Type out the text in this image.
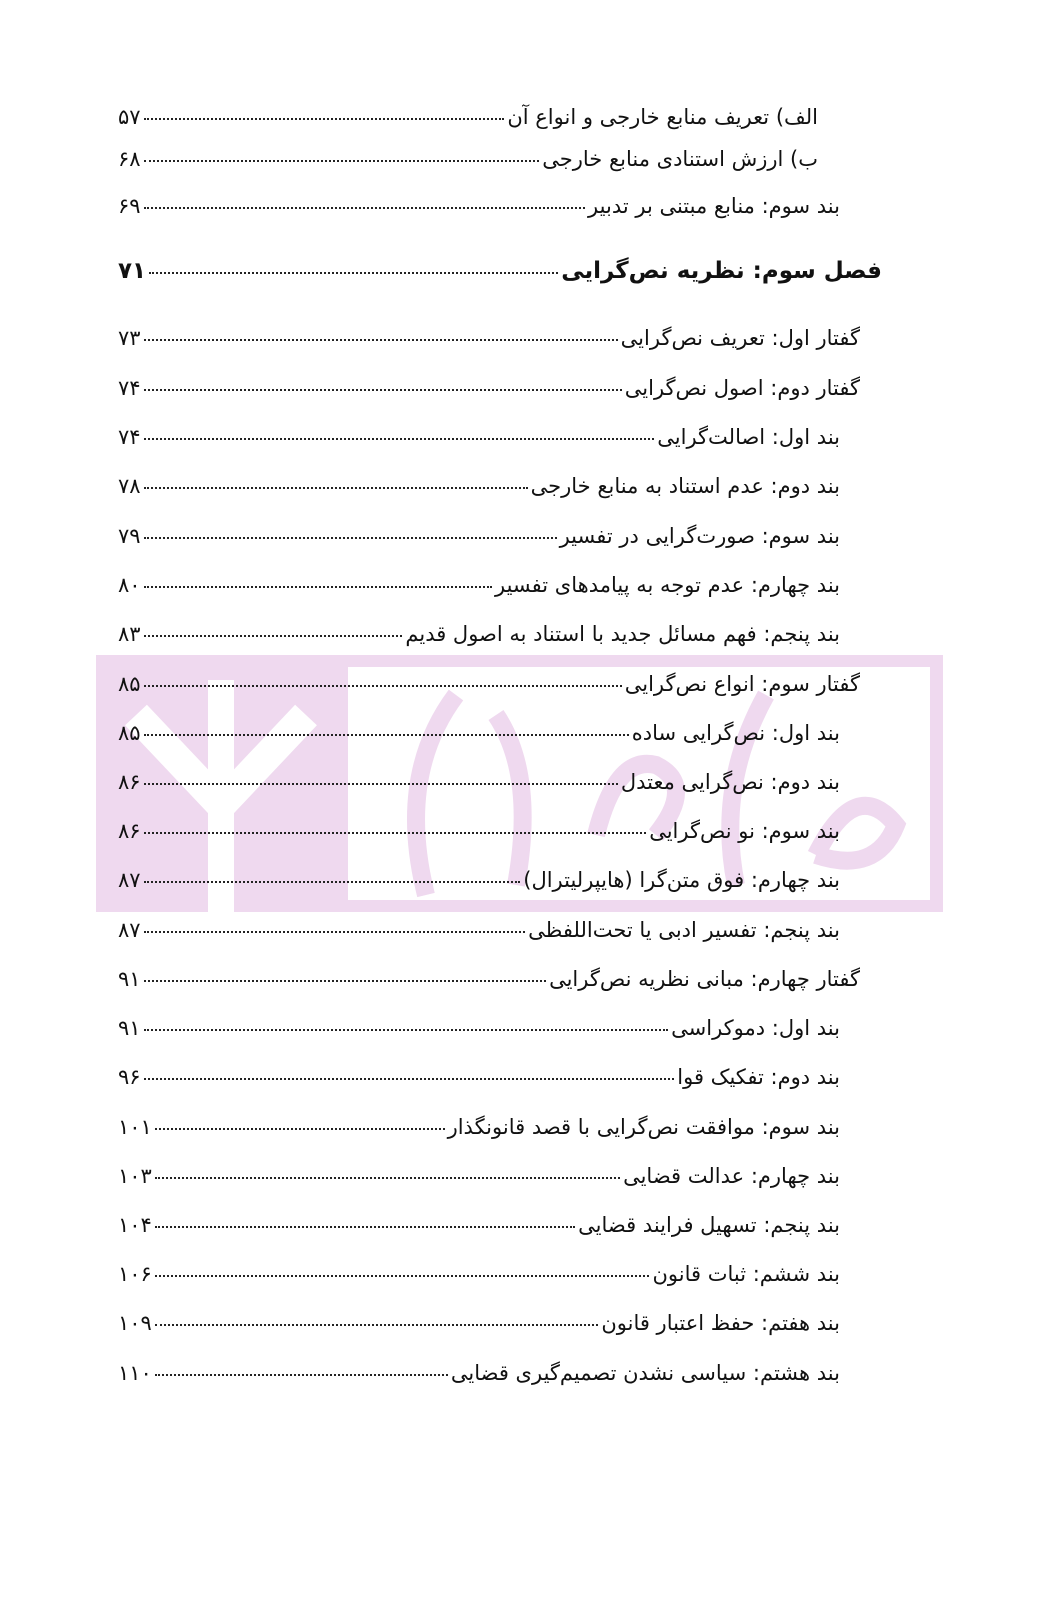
الف) تعریف منابع خارجی و انواع آن
۵۷
ب) ارزش استنادی منابع خارجی
۶۸
بند سوم: منابع مبتنی بر تدبیر
۶۹
فصل سوم: نظریه نص‌گرایی
۷۱
گفتار اول: تعریف نص‌گرایی
۷۳
گفتار دوم: اصول نص‌گرایی
۷۴
بند اول: اصالت‌گرایی
۷۴
بند دوم: عدم استناد به منابع خارجی
۷۸
بند سوم: صورت‌گرایی در تفسیر
۷۹
بند چهارم: عدم توجه به پیامدهای تفسیر
۸۰
بند پنجم: فهم مسائل جدید با استناد به اصول قدیم
۸۳
گفتار سوم: انواع نص‌گرایی
۸۵
بند اول: نص‌گرایی ساده
۸۵
بند دوم: نص‌گرایی معتدل
۸۶
بند سوم: نو نص‌گرایی
۸۶
بند چهارم: فوق متن‌گرا (هایپرلیترال)
۸۷
بند پنجم: تفسیر ادبی یا تحت‌اللفظی
۸۷
گفتار چهارم: مبانی نظریه نص‌گرایی
۹۱
بند اول: دموکراسی
۹۱
بند دوم: تفکیک قوا
۹۶
بند سوم: موافقت نص‌گرایی با قصد قانونگذار
۱۰۱
بند چهارم: عدالت قضایی
۱۰۳
بند پنجم: تسهیل فرایند قضایی
۱۰۴
بند ششم: ثبات قانون
۱۰۶
بند هفتم: حفظ اعتبار قانون
۱۰۹
بند هشتم: سیاسی نشدن تصمیم‌گیری قضایی
۱۱۰
